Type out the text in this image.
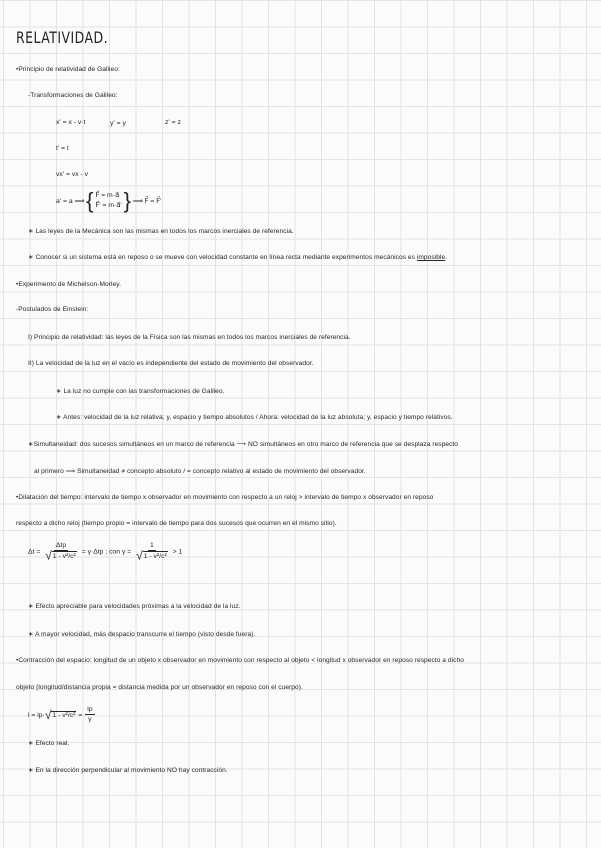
RELATIVIDAD.
•Principio de relatividad de Galileo:
-Transformaciones de Galileo:
x' = x - v·t	y' = y	z' = z
t' = t
vx' = vx - v
a' = a ⟹ { F⃗ = m·a⃗
F⃗' = m·a⃗' } ⟹ F⃗ = F⃗'
∗ Las leyes de la Mecánica son las mismas en todos los marcos inerciales de referencia.
∗ Conocer si un sistema está en reposo o se mueve con velocidad constante en línea recta mediante experimentos mecánicos es imposible.
•Experimento de Michelson-Morley.
-Postulados de Einstein:
I) Principio de relatividad: las leyes de la Física son las mismas en todos los marcos inerciales de referencia.
II) La velocidad de la luz en el vacío es independiente del estado de movimiento del observador.
∗ La luz no cumple con las transformaciones de Galileo.
∗ Antes: velocidad de la luz relativa; y, espacio y tiempo absolutos / Ahora: velocidad de la luz absoluta; y, espacio y tiempo relativos.
∗Simultaneidad: dos sucesos simultáneos en un marco de referencia ⟶ NO simultáneos en otro marco de referencia que se desplaza respecto
al primero ⟹ Simultaneidad ≠ concepto absoluto / = concepto relativo al estado de movimiento del observador.
•Dilatación del tiempo: intervalo de tiempo x observador en movimiento con respecto a un reloj > intervalo de tiempo x observador en reposo
respecto a dicho reloj (tiempo propio = intervalo de tiempo para dos sucesos que ocurren en el mismo sitio).
$\Delta t = \frac{\text{Δtp}}{\text{√1 - v²/c²}} = \gamma\cdot\Delta tp$ ; con $\gamma = \frac{1}{\text{√1 - v²/c²}} > 1$
∗ Efecto apreciable para velocidades próximas a la velocidad de la luz.
∗ A mayor velocidad, más despacio transcurre el tiempo (visto desde fuera).
•Contracción del espacio: longitud de un objeto x observador en movimiento con respecto al objeto < longitud x observador en reposo respecto a dicho
objeto (longitud/distancia propia = distancia medida por un observador en reposo con el cuerpo).
$l = lp\cdot√1 - v^2/c^2 = \frac{lp}{\gamma}$
∗ Efecto real.
∗ En la dirección perpendicular al movimiento NO hay contracción.
